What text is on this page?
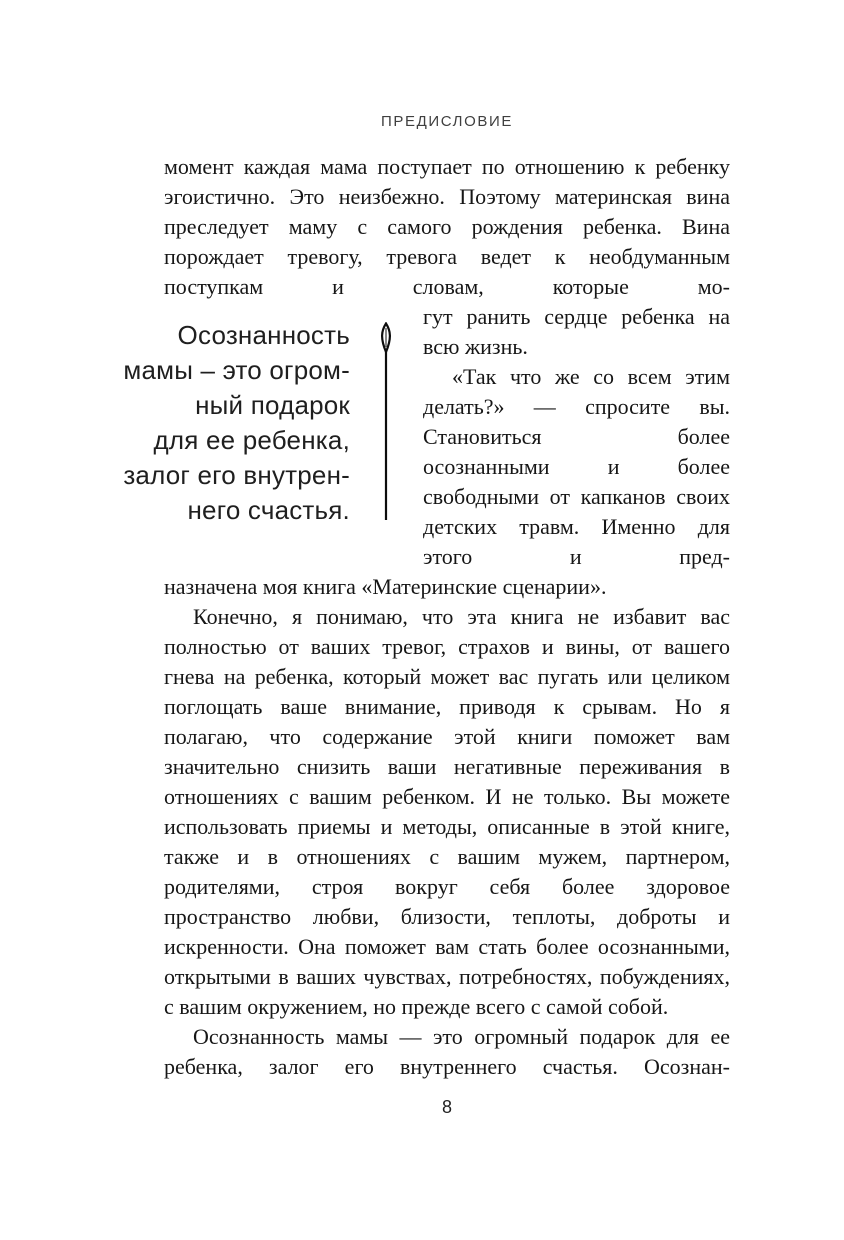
ПРЕДИСЛОВИЕ

момент каждая мама поступает по отношению к ребенку эгоистично. Это неизбежно. Поэтому материнская вина преследует маму с самого рождения ребенка. Вина порождает тревогу, тревога ведет к необдуманным поступкам и словам, которые мо-

Осознанность
мамы – это огром-
ный подарок
для ее ребенка,
залог его внутрен-
него счастья.

гут ранить сердце ребенка на всю жизнь.

«Так что же со всем этим делать?» — спросите вы. Становиться более осознанными и более свободными от капканов своих детских травм. Именно для этого и пред-

назначена моя книга «Материнские сценарии».

Конечно, я понимаю, что эта книга не избавит вас полностью от ваших тревог, страхов и вины, от вашего гнева на ребенка, который может вас пугать или целиком поглощать ваше внимание, приводя к срывам. Но я полагаю, что содержание этой книги поможет вам значительно снизить ваши негативные переживания в отношениях с вашим ребенком. И не только. Вы можете использовать приемы и методы, описанные в этой книге, также и в отношениях с вашим мужем, партнером, родителями, строя вокруг себя более здоровое пространство любви, близости, теплоты, доброты и искренности. Она поможет вам стать более осознанными, открытыми в ваших чувствах, потребностях, побуждениях, с вашим окружением, но прежде всего с самой собой.

Осознанность мамы — это огромный подарок для ее ребенка, залог его внутреннего счастья. Осознан-

8
